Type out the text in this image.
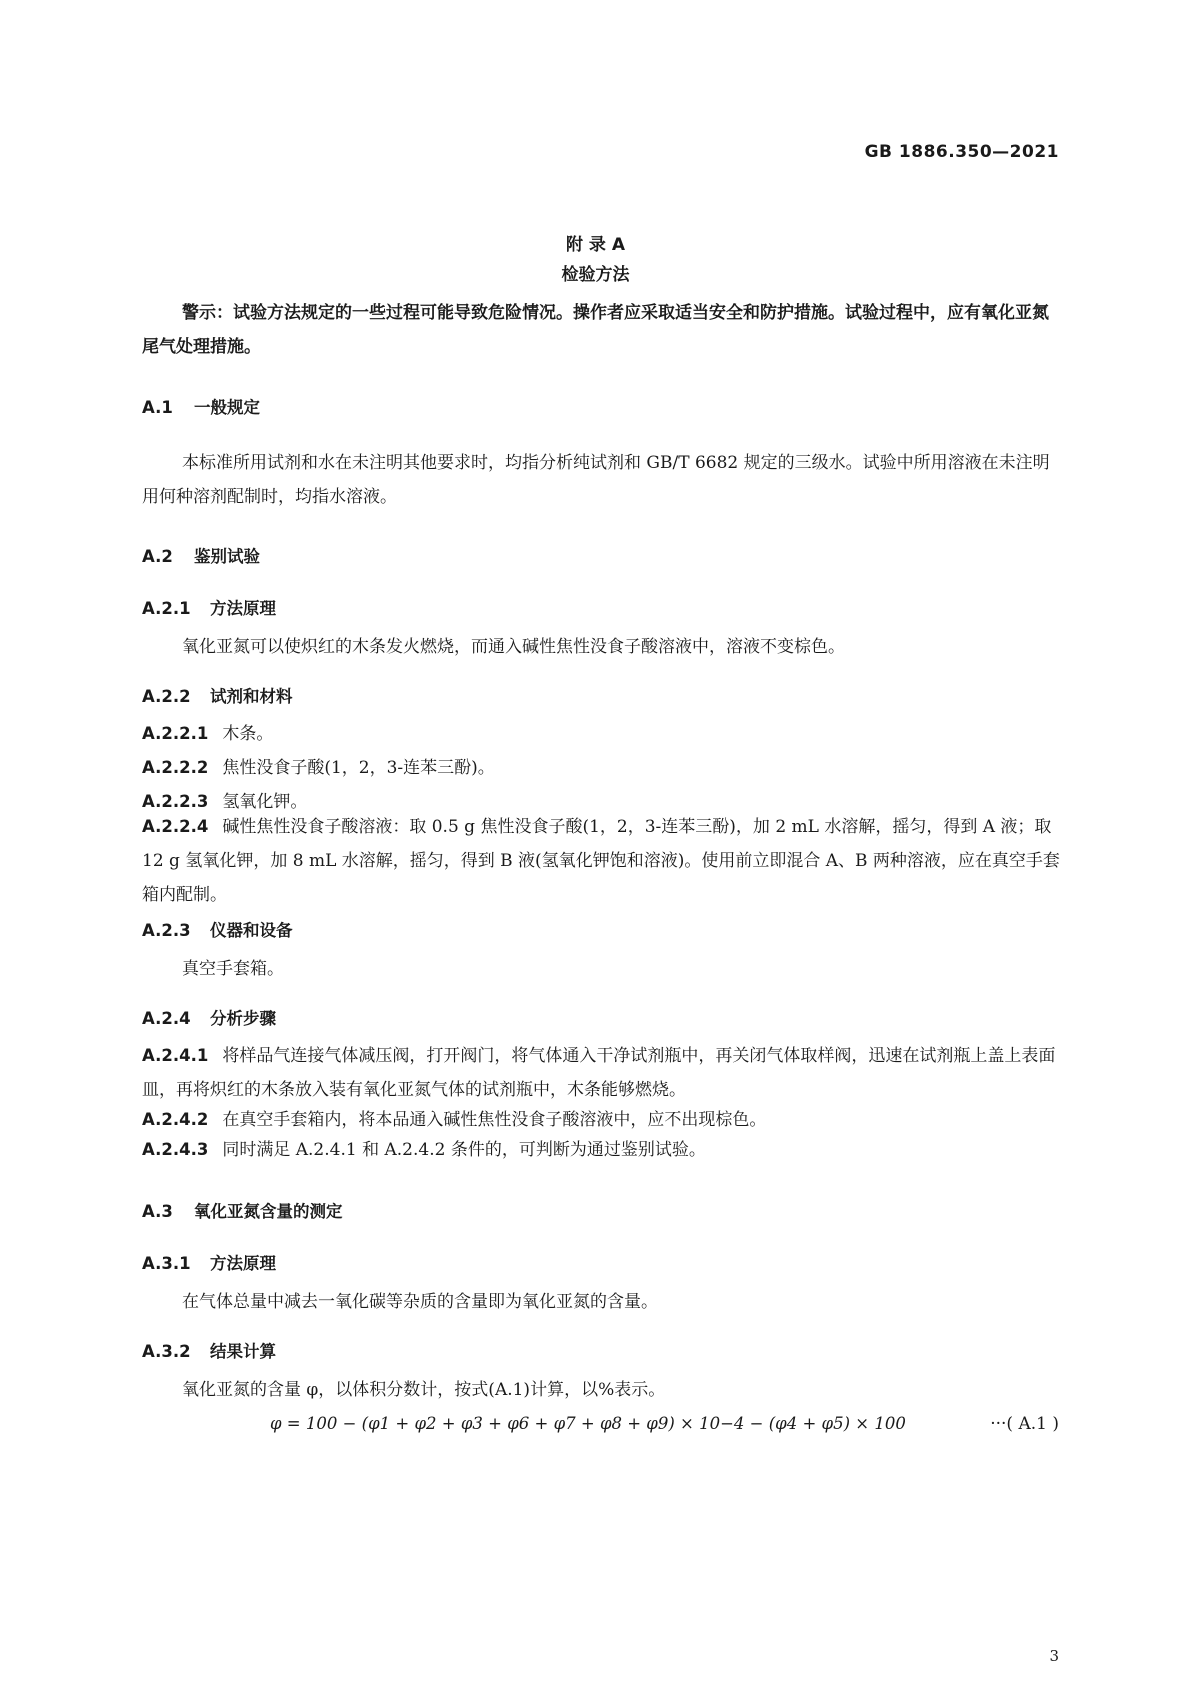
GB 1886.350—2021
附 录 A
检验方法

警示：试验方法规定的一些过程可能导致危险情况。操作者应采取适当安全和防护措施。试验过程中，应有氧化亚氮尾气处理措施。

A.1 一般规定

本标准所用试剂和水在未注明其他要求时，均指分析纯试剂和 GB/T 6682 规定的三级水。试验中所用溶液在未注明用何种溶剂配制时，均指水溶液。

A.2 鉴别试验
A.2.1 方法原理

氧化亚氮可以使炽红的木条发火燃烧，而通入碱性焦性没食子酸溶液中，溶液不变棕色。

A.2.2 试剂和材料

A.2.2.1 木条。

A.2.2.2 焦性没食子酸(1，2，3-连苯三酚)。

A.2.2.3 氢氧化钾。

A.2.2.4 碱性焦性没食子酸溶液：取 0.5 g 焦性没食子酸(1，2，3-连苯三酚)，加 2 mL 水溶解，摇匀，得到 A 液；取 12 g 氢氧化钾，加 8 mL 水溶解，摇匀，得到 B 液(氢氧化钾饱和溶液)。使用前立即混合 A、B 两种溶液，应在真空手套箱内配制。

A.2.3 仪器和设备

真空手套箱。

A.2.4 分析步骤

A.2.4.1 将样品气连接气体减压阀，打开阀门，将气体通入干净试剂瓶中，再关闭气体取样阀，迅速在试剂瓶上盖上表面皿，再将炽红的木条放入装有氧化亚氮气体的试剂瓶中，木条能够燃烧。

A.2.4.2 在真空手套箱内，将本品通入碱性焦性没食子酸溶液中，应不出现棕色。

A.2.4.3 同时满足 A.2.4.1 和 A.2.4.2 条件的，可判断为通过鉴别试验。

A.3 氧化亚氮含量的测定
A.3.1 方法原理

在气体总量中减去一氧化碳等杂质的含量即为氧化亚氮的含量。

A.3.2 结果计算

氧化亚氮的含量 φ，以体积分数计，按式(A.1)计算，以%表示。

φ = 100 − (φ1 + φ2 + φ3 + φ6 + φ7 + φ8 + φ9) × 10−4 − (φ4 + φ5) × 100	···( A.1 )
3
